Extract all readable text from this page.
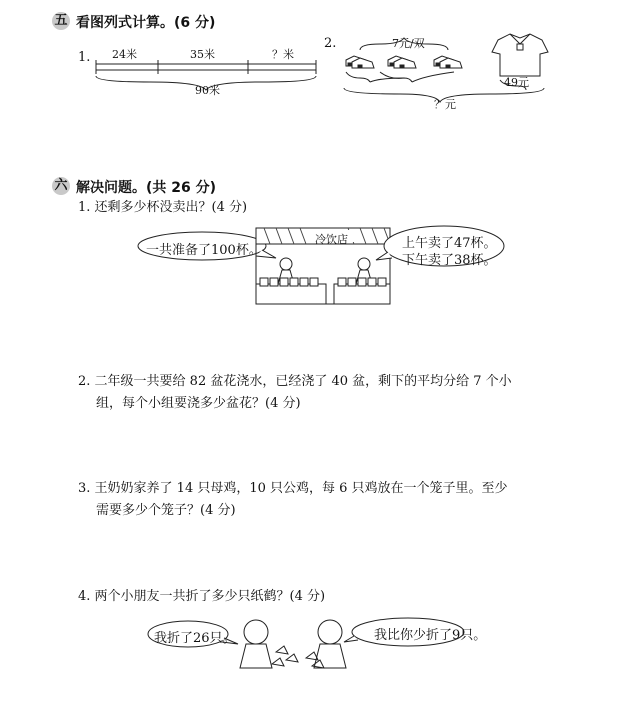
五 看图列式计算。(6 分)
1. 24米	35米	？米
90米
2.	7元/双
49元
？元
六 解决问题。(共 26 分)
1. 还剩多少杯没卖出？(4 分)
一共准备了100杯。
冷饮店	上午卖了47杯。
下午卖了38杯。
2. 二年级一共要给 82 盆花浇水，已经浇了 40 盆，剩下的平均分给 7 个小
组，每个小组要浇多少盆花？(4 分)
3. 王奶奶家养了 14 只母鸡，10 只公鸡，每 6 只鸡放在一个笼子里。至少
需要多少个笼子？(4 分)
4. 两个小朋友一共折了多少只纸鹤？(4 分)
我折了26只。	我比你少折了9只。
